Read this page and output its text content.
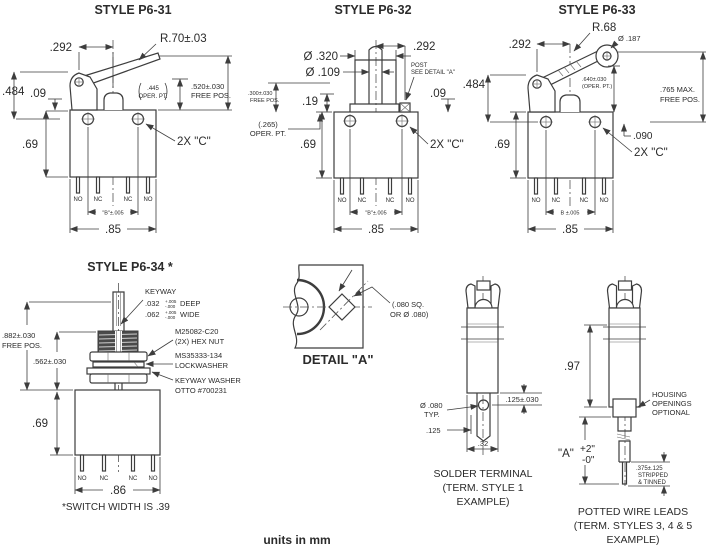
STYLE P6-31
NO NC	NC NO
.292
R.70±.03
.484 .09
.69
.445
OPER. PT.
.520±.030
FREE POS.
2X "C"
"B"±.005
.85
STYLE P6-32
NO NC	NC NO
Ø .320
Ø .109
.292
POST
SEE DETAIL "A"
.300±.030
FREE POS. .19
(.265)
OPER. PT.
.09
2X "C"
.69
"B"±.005
.85
STYLE P6-33
NO NC	NC NO
R.68
Ø .187
.292
.484	.640±.030
(OPER. PT.)	.765 MAX.
FREE POS.
.090
2X "C"
.69
B ±.005
.85
STYLE P6-34 *
NO NC	NC NO
KEYWAY
.032 +.005
-.000 DEEP
.062 +.005
-.000 WIDE
M25082-C20
(2X) HEX NUT
MS35333-134
LOCKWASHER
KEYWAY WASHER
OTTO #700231
.882±.030
FREE POS.
.562±.030
.69
.86
*SWITCH WIDTH IS .39
(.080 SQ.
OR Ø .080)
DETAIL "A"
.125±.030
Ø .080
TYP.
.125
.32
SOLDER TERMINAL
(TERM. STYLE 1
EXAMPLE)
.97
HOUSING
OPENINGS
OPTIONAL
"A" +2"
-0"
.375±.125
STRIPPED
& TINNED
POTTED WIRE LEADS
(TERM. STYLES 3, 4 & 5
EXAMPLE)
units in mm
